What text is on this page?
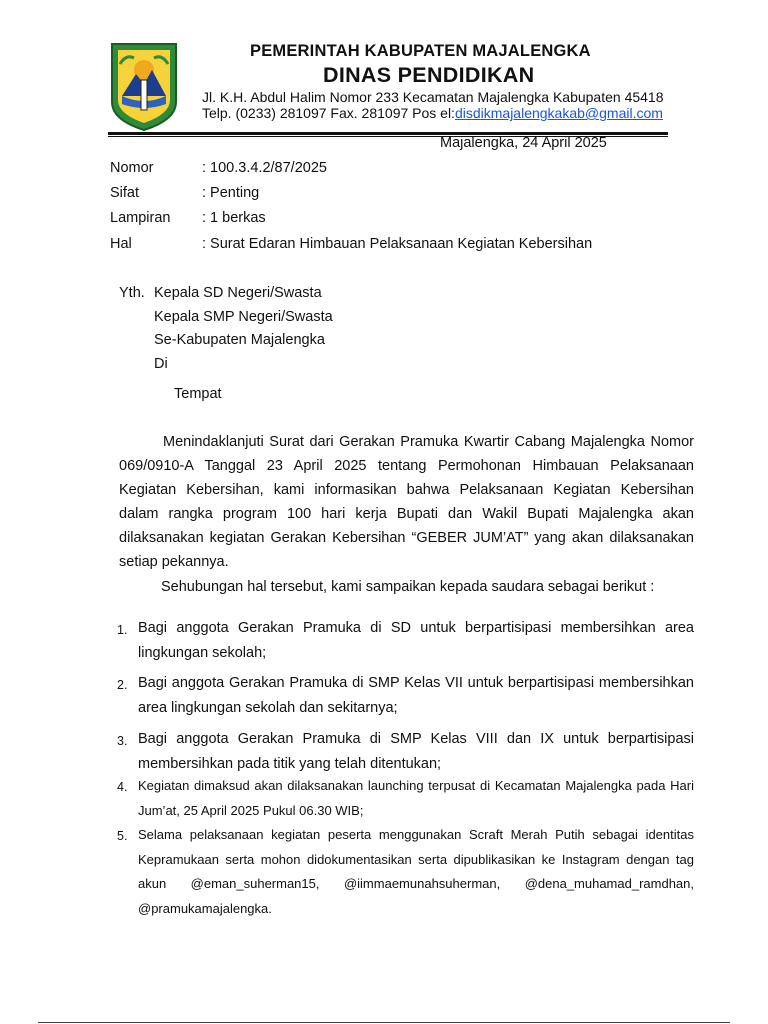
PEMERINTAH KABUPATEN MAJALENGKA
DINAS PENDIDIKAN
Jl. K.H. Abdul Halim Nomor 233 Kecamatan Majalengka Kabupaten 45418
Telp. (0233) 281097 Fax. 281097 Pos el:disdikmajalengkakab@gmail.com
Majalengka, 24 April 2025
Nomor	: 100.3.4.2/87/2025
Sifat	: Penting
Lampiran : 1 berkas
Hal	: Surat Edaran Himbauan Pelaksanaan Kegiatan Kebersihan
Yth. Kepala SD Negeri/Swasta
Kepala SMP Negeri/Swasta
Se-Kabupaten Majalengka
Di
Tempat
Menindaklanjuti Surat dari Gerakan Pramuka Kwartir Cabang Majalengka Nomor 069/0910-A Tanggal 23 April 2025 tentang Permohonan Himbauan Pelaksanaan Kegiatan Kebersihan, kami informasikan bahwa Pelaksanaan Kegiatan Kebersihan dalam rangka program 100 hari kerja Bupati dan Wakil Bupati Majalengka akan dilaksanakan kegiatan Gerakan Kebersihan “GEBER JUM’AT” yang akan dilaksanakan setiap pekannya.
Sehubungan hal tersebut, kami sampaikan kepada saudara sebagai berikut :
1. Bagi anggota Gerakan Pramuka di SD untuk berpartisipasi membersihkan area lingkungan sekolah;
2. Bagi anggota Gerakan Pramuka di SMP Kelas VII untuk berpartisipasi membersihkan area lingkungan sekolah dan sekitarnya;
3. Bagi anggota Gerakan Pramuka di SMP Kelas VIII dan IX untuk berpartisipasi membersihkan pada titik yang telah ditentukan;
4. Kegiatan dimaksud akan dilaksanakan launching terpusat di Kecamatan Majalengka pada Hari Jum’at, 25 April 2025 Pukul 06.30 WIB;
5. Selama pelaksanaan kegiatan peserta menggunakan Scraft Merah Putih sebagai identitas Kepramukaan serta mohon didokumentasikan serta dipublikasikan ke Instagram dengan tag akun @eman_suherman15, @iimmaemunahsuherman, @dena_muhamad_ramdhan, @pramukamajalengka.
